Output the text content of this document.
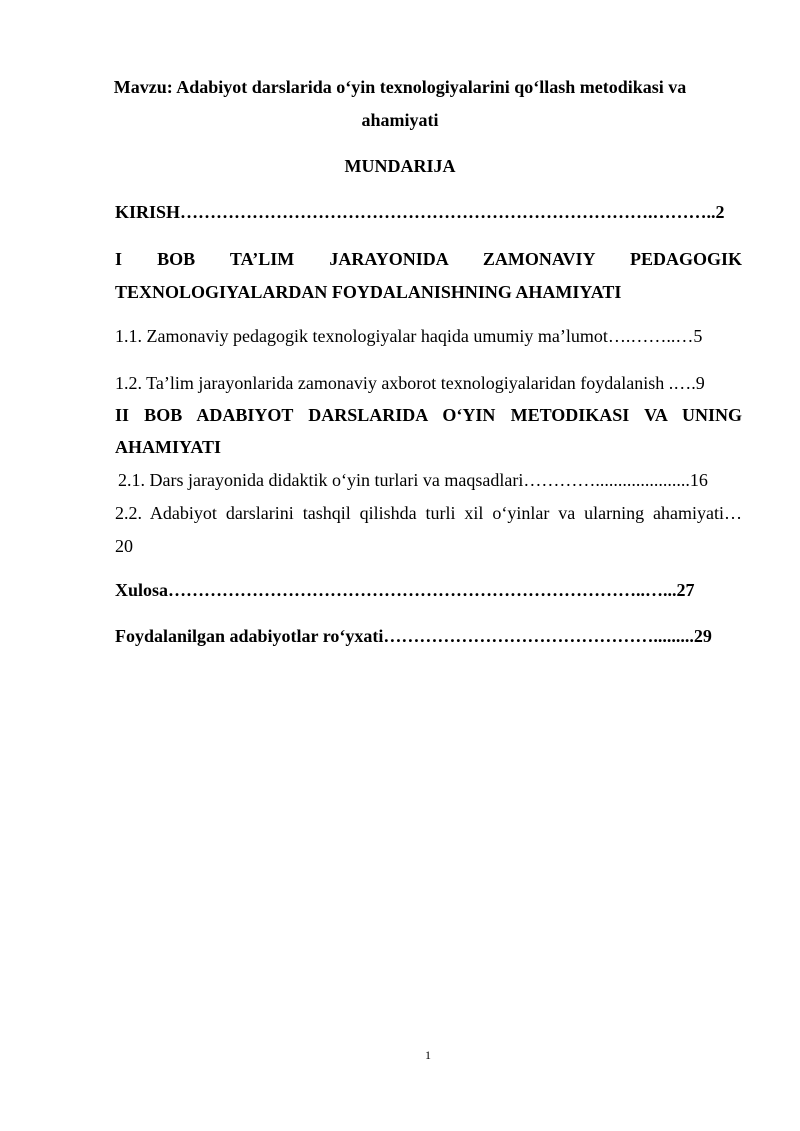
Mavzu: Adabiyot darslarida o‘yin texnologiyalarini qo‘llash metodikasi va
ahamiyati
MUNDARIJA
KIRISH…………………………………………………………………….………..2
I BOB TA’LIM JARAYONIDA ZAMONAVIY PEDAGOGIK
TEXNOLOGIYALARDAN FOYDALANISHNING AHAMIYATI
1.1. Zamonaviy pedagogik texnologiyalar haqida umumiy ma’lumot….……..…5
1.2. Ta’lim jarayonlarida zamonaviy axborot texnologiyalaridan foydalanish .….9
II BOB ADABIYOT DARSLARIDA O‘YIN METODIKASI VA UNING
AHAMIYATI
2.1. Dars jarayonida didaktik o‘yin turlari va maqsadlari………….....................16
2.2. Adabiyot darslarini tashqil qilishda turli xil o‘yinlar va ularning ahamiyati…
20
Xulosa……………………………………………………………………..…...27
Foydalanilgan adabiyotlar ro‘yxati……………………………………….........29
1
